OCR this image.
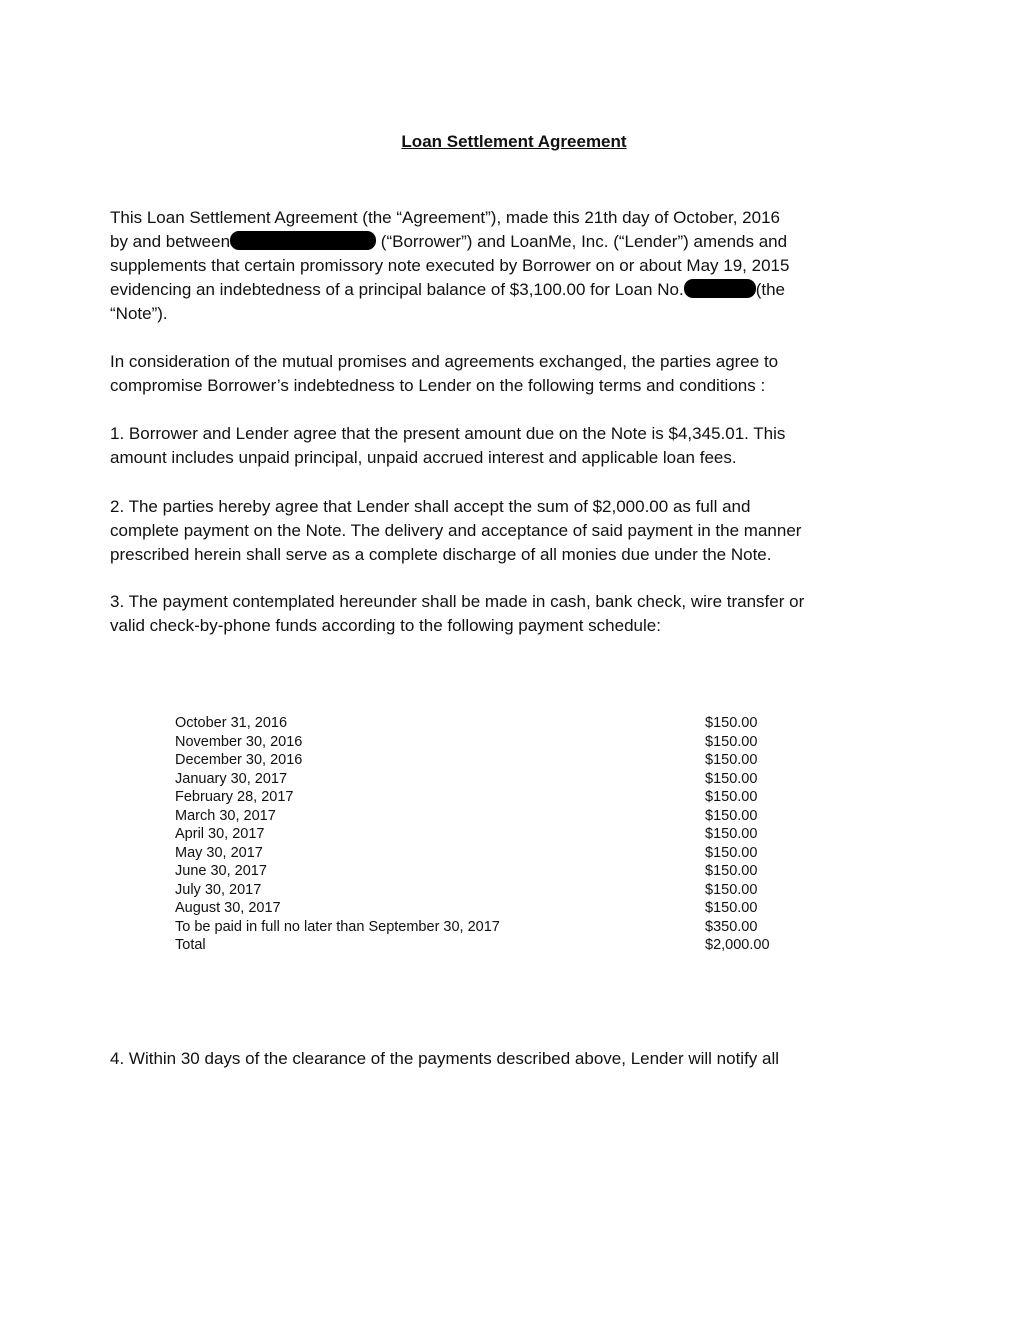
Loan Settlement Agreement
This Loan Settlement Agreement (the “Agreement”), made this 21th day of October, 2016
by and between	(“Borrower”) and LoanMe, Inc. (“Lender”) amends and
supplements that certain promissory note executed by Borrower on or about May 19, 2015
evidencing an indebtedness of a principal balance of $3,100.00 for Loan No.	(the
“Note”).
In consideration of the mutual promises and agreements exchanged, the parties agree to
compromise Borrower’s indebtedness to Lender on the following terms and conditions :
1. Borrower and Lender agree that the present amount due on the Note is $4,345.01. This
amount includes unpaid principal, unpaid accrued interest and applicable loan fees.
2. The parties hereby agree that Lender shall accept the sum of $2,000.00 as full and
complete payment on the Note. The delivery and acceptance of said payment in the manner
prescribed herein shall serve as a complete discharge of all monies due under the Note.
3. The payment contemplated hereunder shall be made in cash, bank check, wire transfer or
valid check-by-phone funds according to the following payment schedule:
October 31, 2016	$150.00
November 30, 2016	$150.00
December 30, 2016	$150.00
January 30, 2017	$150.00
February 28, 2017	$150.00
March 30, 2017	$150.00
April 30, 2017	$150.00
May 30, 2017	$150.00
June 30, 2017	$150.00
July 30, 2017	$150.00
August 30, 2017	$150.00
To be paid in full no later than September 30, 2017	$350.00
Total	$2,000.00
4. Within 30 days of the clearance of the payments described above, Lender will notify all
